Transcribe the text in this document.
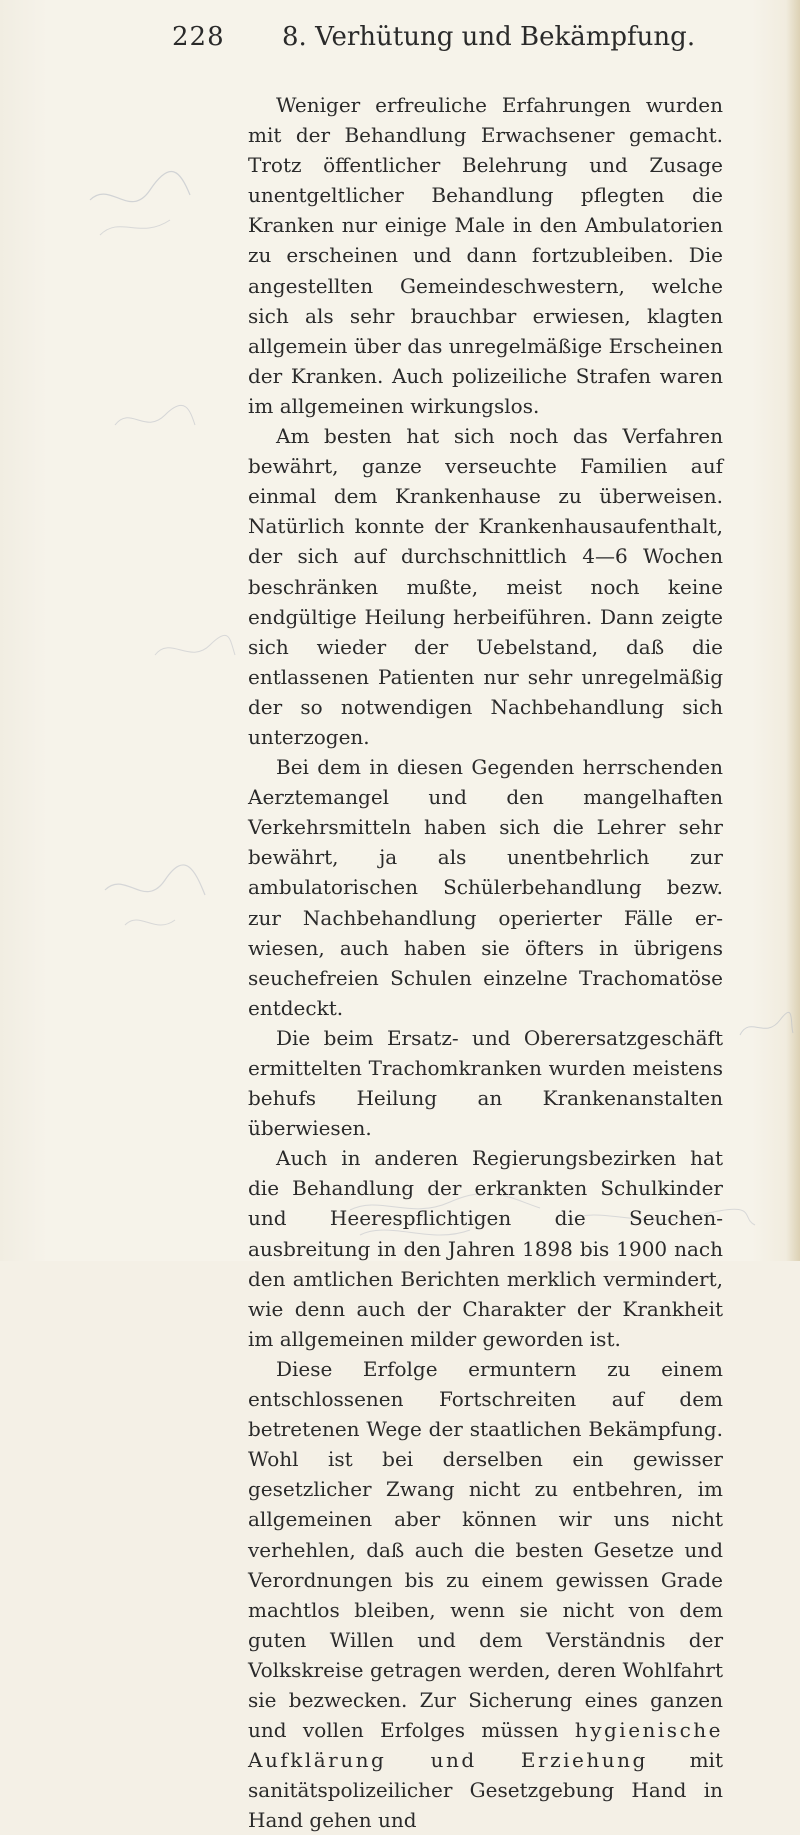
228 8. Verhütung und Bekämpfung.

Weniger erfreuliche Erfahrungen wurden mit der Behandlung Erwachsener gemacht. Trotz öffentlicher Belehrung und Zusage unentgeltlicher Behandlung pflegten die Kranken nur einige Male in den Ambulatorien zu erscheinen und dann fortzubleiben. Die angestellten Gemeindeschwestern, welche sich als sehr brauchbar erwiesen, klagten allgemein über das unregelmäßige Erscheinen der Kranken. Auch polizeiliche Strafen waren im allgemeinen wirkungslos.

Am besten hat sich noch das Verfahren bewährt, ganze verseuchte Familien auf einmal dem Krankenhause zu überweisen. Natürlich konnte der Krankenhausaufenthalt, der sich auf durchschnittlich 4—6 Wochen beschränken mußte, meist noch keine endgültige Heilung herbeiführen. Dann zeigte sich wieder der Uebelstand, daß die entlassenen Patienten nur sehr unregelmäßig der so notwendigen Nachbehandlung sich unterzogen.

Bei dem in diesen Gegenden herrschenden Aerztemangel und den mangelhaften Verkehrsmitteln haben sich die Lehrer sehr bewährt, ja als unentbehrlich zur ambulatorischen Schülerbehandlung bezw. zur Nachbehandlung operierter Fälle erwiesen, auch haben sie öfters in übrigens seuchefreien Schulen einzelne Trachomatöse entdeckt.

Die beim Ersatz- und Oberersatzgeschäft ermittelten Trachomkranken wurden meistens behufs Heilung an Krankenanstalten überwiesen.

Auch in anderen Regierungsbezirken hat die Behandlung der erkrankten Schulkinder und Heerespflichtigen die Seuchenausbreitung in den Jahren 1898 bis 1900 nach den amtlichen Berichten merklich vermindert, wie denn auch der Charakter der Krankheit im allgemeinen milder geworden ist.

Diese Erfolge ermuntern zu einem entschlossenen Fortschreiten auf dem betretenen Wege der staatlichen Bekämpfung. Wohl ist bei derselben ein gewisser gesetzlicher Zwang nicht zu entbehren, im allgemeinen aber können wir uns nicht verhehlen, daß auch die besten Gesetze und Verordnungen bis zu einem gewissen Grade machtlos bleiben, wenn sie nicht von dem guten Willen und dem Verständnis der Volkskreise getragen werden, deren Wohlfahrt sie bezwecken. Zur Sicherung eines ganzen und vollen Erfolges müssen hygienische Aufklärung und Erziehung mit sanitätspolizeilicher Gesetzgebung Hand in Hand gehen und
